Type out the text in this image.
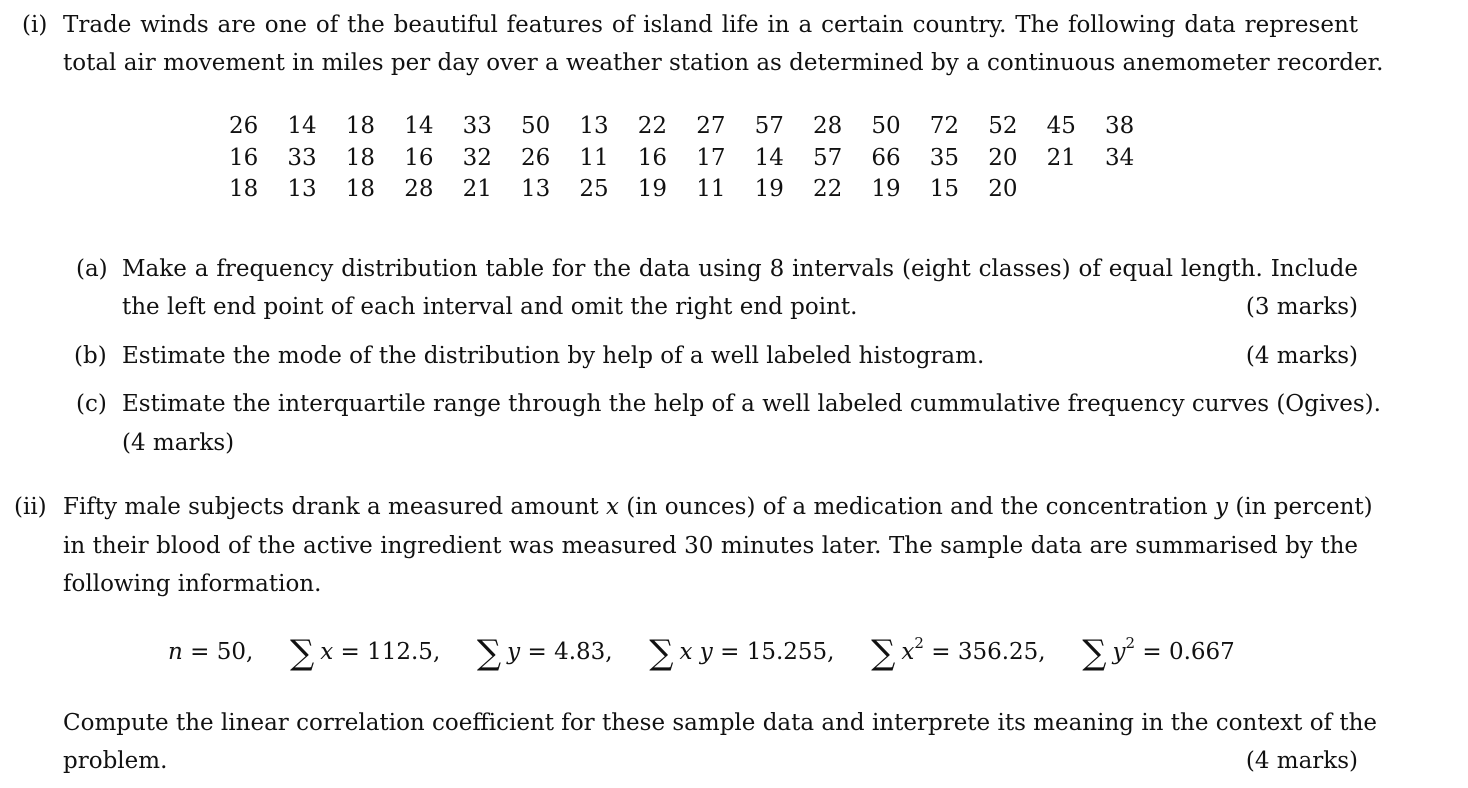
(i) Trade winds are one of the beautiful features of island life in a certain country. The following data represent
total air movement in miles per day over a weather station as determined by a continuous anemometer recorder.
26 14 18 14 33 50 13 22 27 57 28 50 72 52 45 38
16 33 18 16 32 26 11 16 17 14 57 66 35 20 21 34
18 13 18 28 21 13 25 19 11 19 22 19 15 20
(a) Make a frequency distribution table for the data using 8 intervals (eight classes) of equal length. Include
the left end point of each interval and omit the right end point.	(3 marks)
(b) Estimate the mode of the distribution by help of a well labeled histogram.	(4 marks)
(c) Estimate the interquartile range through the help of a well labeled cummulative frequency curves (Ogives).
(4 marks)
(ii) Fifty male subjects drank a measured amount x (in ounces) of a medication and the concentration y (in percent)
in their blood of the active ingredient was measured 30 minutes later. The sample data are summarised by the
following information.
n = 50, ∑ x = 112.5, ∑ y = 4.83, ∑ x y = 15.255, ∑ $x^2 = 356.25$, ∑ $y^2 = 0.667$
Compute the linear correlation coefficient for these sample data and interprete its meaning in the context of the
problem.	(4 marks)
